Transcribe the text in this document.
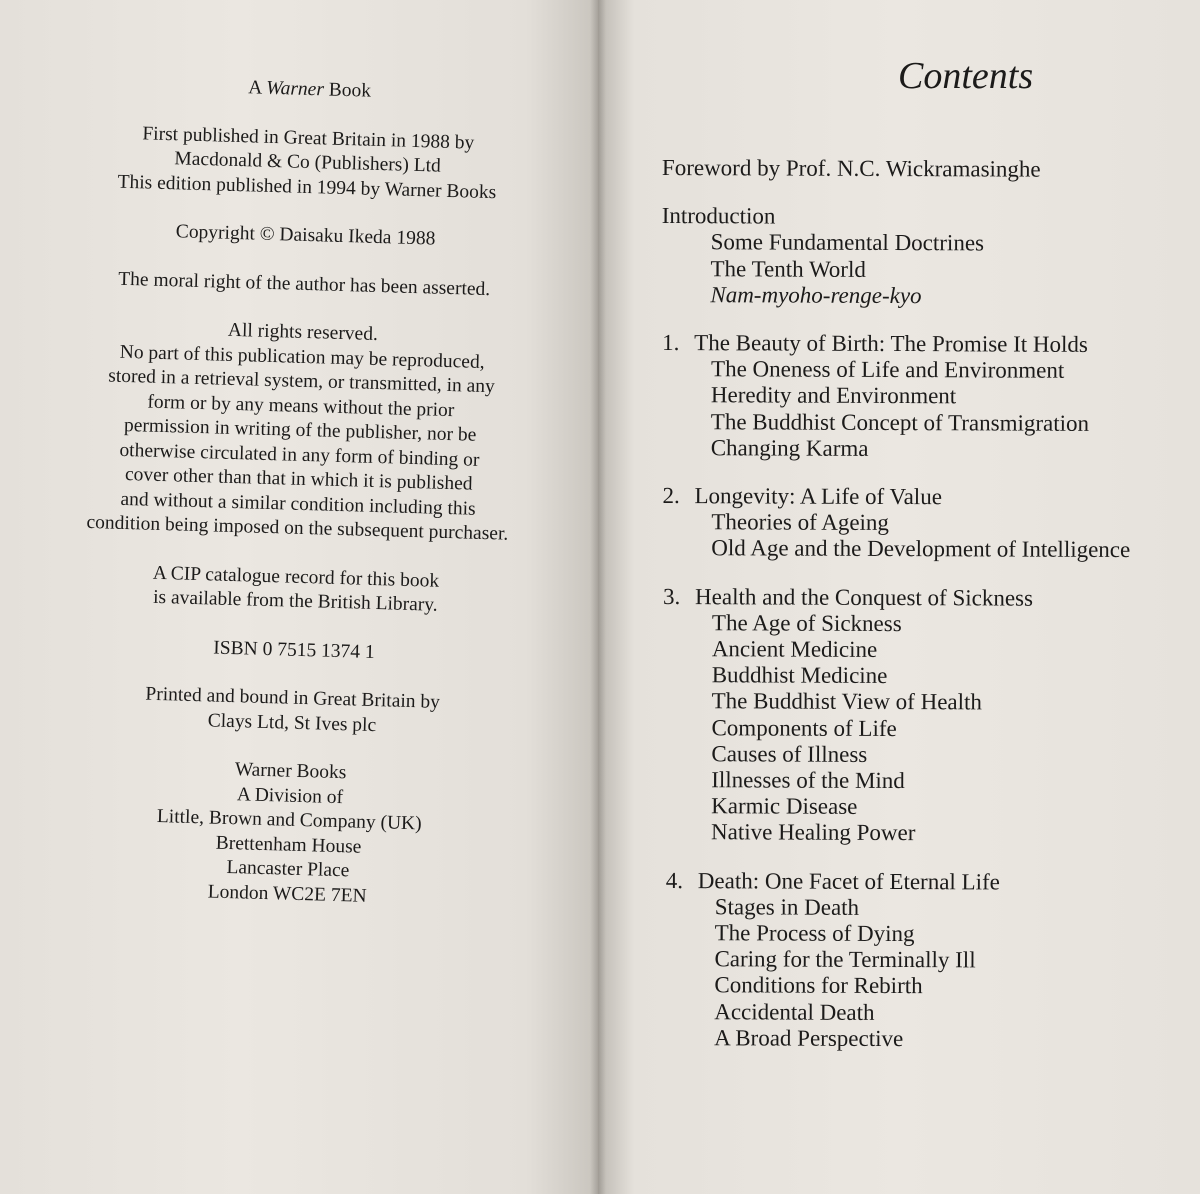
A Warner Book
First published in Great Britain in 1988 by
Macdonald & Co (Publishers) Ltd
This edition published in 1994 by Warner Books
Copyright © Daisaku Ikeda 1988
The moral right of the author has been asserted.
All rights reserved.
No part of this publication may be reproduced,
stored in a retrieval system, or transmitted, in any
form or by any means without the prior
permission in writing of the publisher, nor be
otherwise circulated in any form of binding or
cover other than that in which it is published
and without a similar condition including this
condition being imposed on the subsequent purchaser.
A CIP catalogue record for this book
is available from the British Library.
ISBN 0 7515 1374 1
Printed and bound in Great Britain by
Clays Ltd, St Ives plc
Warner Books
A Division of
Little, Brown and Company (UK)
Brettenham House
Lancaster Place
London WC2E 7EN
Contents
Foreword by Prof. N.C. Wickramasinghe
Introduction
Some Fundamental Doctrines
The Tenth World
Nam-myoho-renge-kyo
1. The Beauty of Birth: The Promise It Holds
The Oneness of Life and Environment
Heredity and Environment
The Buddhist Concept of Transmigration
Changing Karma
2. Longevity: A Life of Value
Theories of Ageing
Old Age and the Development of Intelligence
3. Health and the Conquest of Sickness
The Age of Sickness
Ancient Medicine
Buddhist Medicine
The Buddhist View of Health
Components of Life
Causes of Illness
Illnesses of the Mind
Karmic Disease
Native Healing Power
4. Death: One Facet of Eternal Life
Stages in Death
The Process of Dying
Caring for the Terminally Ill
Conditions for Rebirth
Accidental Death
A Broad Perspective
